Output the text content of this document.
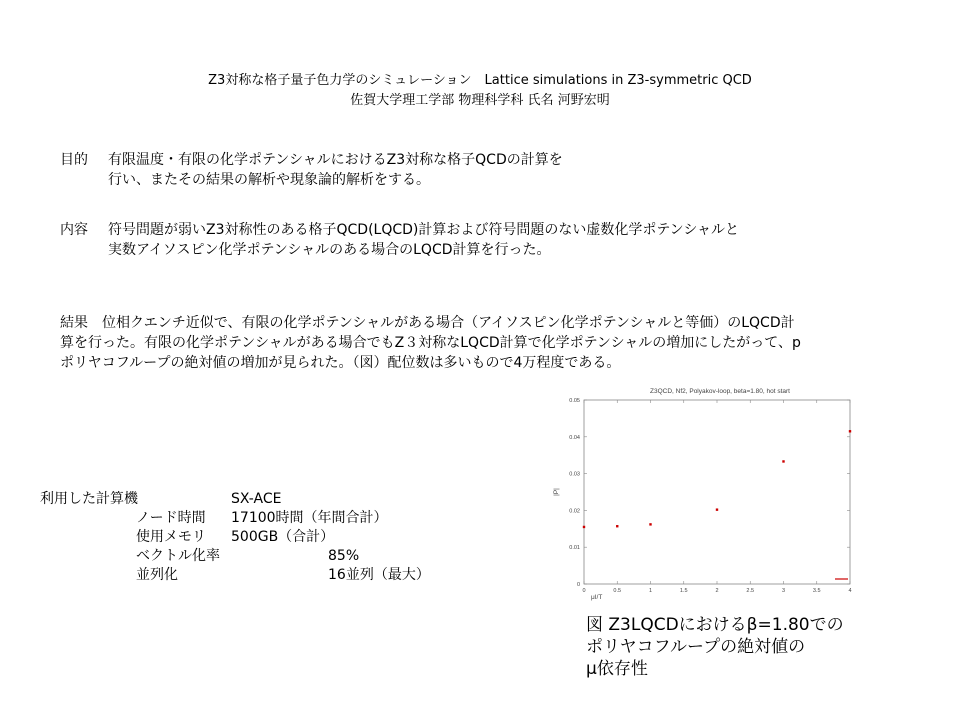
Z3対称な格子量子色力学のシミュレーション　Lattice simulations in Z3-symmetric QCD
佐賀大学理工学部 物理科学科 氏名 河野宏明
目的 有限温度・有限の化学ポテンシャルにおけるZ3対称な格子QCDの計算を
行い、またその結果の解析や現象論的解析をする。
内容 符号問題が弱いZ3対称性のある格子QCD(LQCD)計算および符号問題のない虚数化学ポテンシャルと
実数アイソスピン化学ポテンシャルのある場合のLQCD計算を行った。
結果　 位相クエンチ近似で、有限の化学ポテンシャルがある場合（アイソスピン化学ポテンシャルと等価）のLQCD計
算を行った。有限の化学ポテンシャルがある場合でもZ３対称なLQCD計算で化学ポテンシャルの増加にしたがって、p
ポリヤコフループの絶対値の増加が見られた。（図）配位数は多いもので4万程度である。
利用した計算機	SX-ACE
ノード時間 17100時間（年間合計）
使用メモリ 500GB（合計）
ベクトル化率	85%
並列化	16並列（最大）
Z3QCD, Nf2, Polyakov-loop, beta=1.80, hot start
0
0.01
0.02
0.03
0.04
0.05
0	0.5	1	1.5	2	2.5	3	3.5	4
|P|
μI/T
図 Z3LQCDにおけるβ=1.80での
ポリヤコフループの絶対値の
μ依存性
